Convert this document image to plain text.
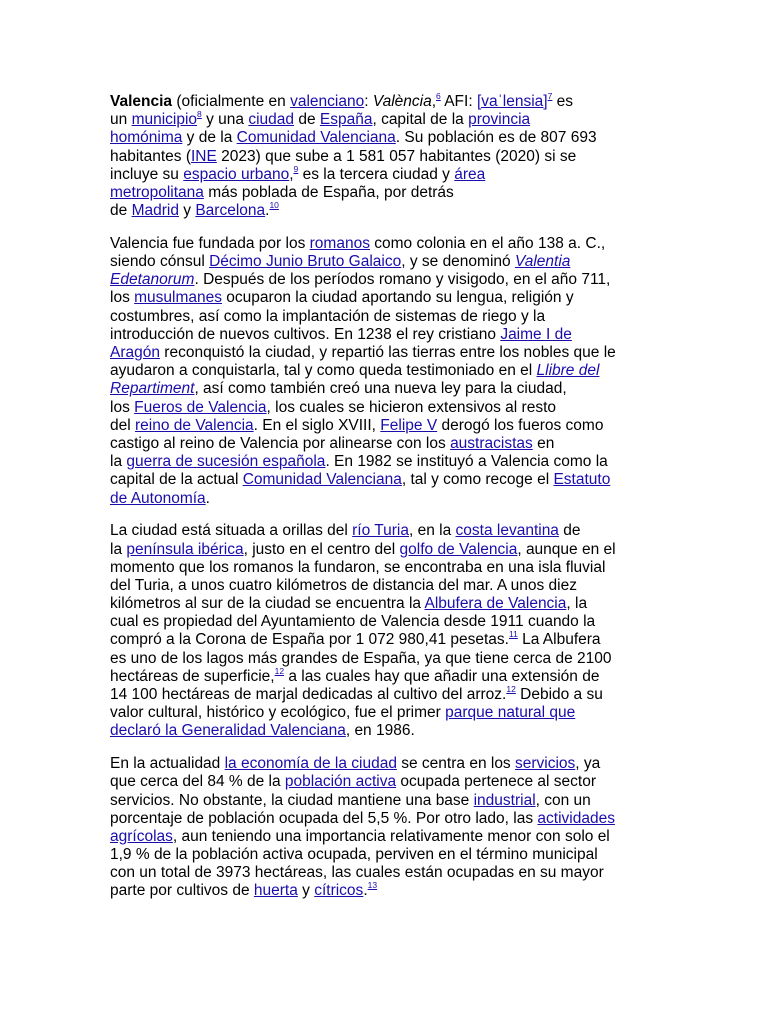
Valencia (oficialmente en valenciano: València,$^6$ AFI: [vaˈlensia]$^7$ es
un municipio$^8$ y una ciudad de España, capital de la provincia
homónima y de la Comunidad Valenciana. Su población es de 807 693
habitantes (INE 2023) que sube a 1 581 057 habitantes (2020) si se
incluye su espacio urbano,$^9$ es la tercera ciudad y área
metropolitana más poblada de España, por detrás
de Madrid y Barcelona.$^{10}$
Valencia fue fundada por los romanos como colonia en el año 138 a. C.,
siendo cónsul Décimo Junio Bruto Galaico, y se denominó Valentia
Edetanorum. Después de los períodos romano y visigodo, en el año 711,
los musulmanes ocuparon la ciudad aportando su lengua, religión y
costumbres, así como la implantación de sistemas de riego y la
introducción de nuevos cultivos. En 1238 el rey cristiano Jaime I de
Aragón reconquistó la ciudad, y repartió las tierras entre los nobles que le
ayudaron a conquistarla, tal y como queda testimoniado en el Llibre del
Repartiment, así como también creó una nueva ley para la ciudad,
los Fueros de Valencia, los cuales se hicieron extensivos al resto
del reino de Valencia. En el siglo XVIII, Felipe V derogó los fueros como
castigo al reino de Valencia por alinearse con los austracistas en
la guerra de sucesión española. En 1982 se instituyó a Valencia como la
capital de la actual Comunidad Valenciana, tal y como recoge el Estatuto
de Autonomía.
La ciudad está situada a orillas del río Turia, en la costa levantina de
la península ibérica, justo en el centro del golfo de Valencia, aunque en el
momento que los romanos la fundaron, se encontraba en una isla fluvial
del Turia, a unos cuatro kilómetros de distancia del mar. A unos diez
kilómetros al sur de la ciudad se encuentra la Albufera de Valencia, la
cual es propiedad del Ayuntamiento de Valencia desde 1911 cuando la
compró a la Corona de España por 1 072 980,41 pesetas.$^{11}$ La Albufera
es uno de los lagos más grandes de España, ya que tiene cerca de 2100
hectáreas de superficie,$^{12}$ a las cuales hay que añadir una extensión de
14 100 hectáreas de marjal dedicadas al cultivo del arroz.$^{12}$ Debido a su
valor cultural, histórico y ecológico, fue el primer parque natural que
declaró la Generalidad Valenciana, en 1986.
En la actualidad la economía de la ciudad se centra en los servicios, ya
que cerca del 84 % de la población activa ocupada pertenece al sector
servicios. No obstante, la ciudad mantiene una base industrial, con un
porcentaje de población ocupada del 5,5 %. Por otro lado, las actividades
agrícolas, aun teniendo una importancia relativamente menor con solo el
1,9 % de la población activa ocupada, perviven en el término municipal
con un total de 3973 hectáreas, las cuales están ocupadas en su mayor
parte por cultivos de huerta y cítricos.$^{13}$
